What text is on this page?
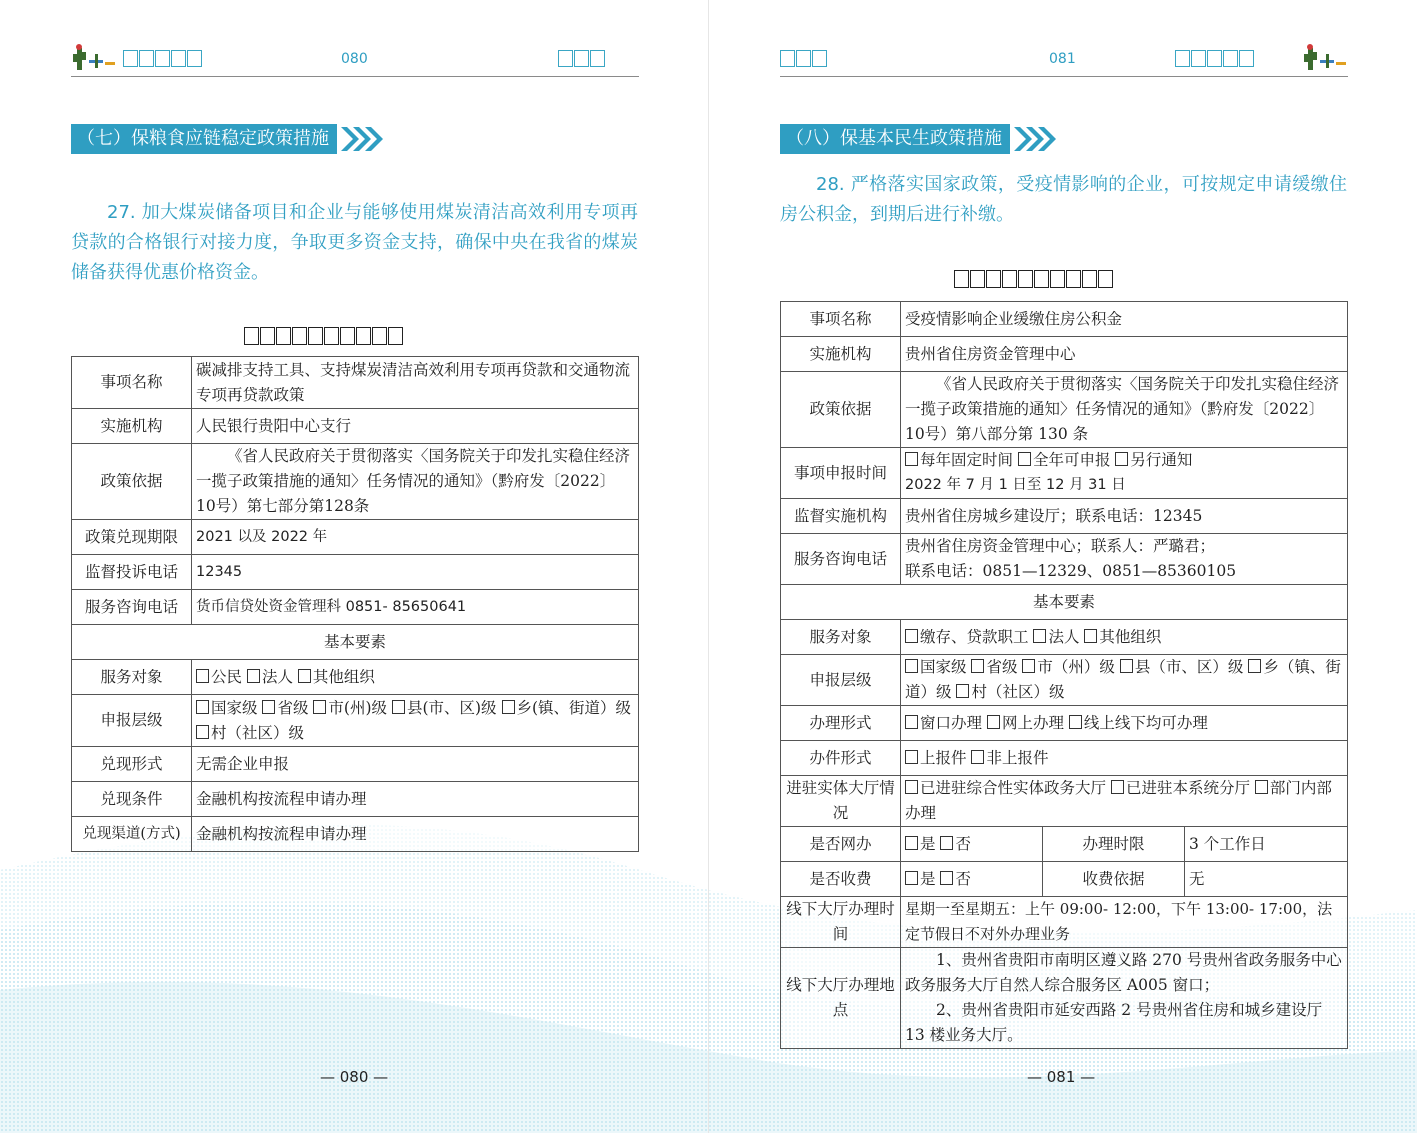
080
（七）保粮食应链稳定政策措施
27. 加大煤炭储备项目和企业与能够使用煤炭清洁高效利用专项再贷款的合格银行对接力度，争取更多资金支持，确保中央在我省的煤炭储备获得优惠价格资金。
事项名称	碳减排支持工具、支持煤炭清洁高效利用专项再贷款和交通物流专项再贷款政策
实施机构	人民银行贵阳中心支行
政策依据	《省人民政府关于贯彻落实〈国务院关于印发扎实稳住经济一揽子政策措施的通知〉任务情况的通知》（黔府发〔2022〕10号）第七部分第128条
政策兑现期限	2021 以及 2022 年
监督投诉电话	12345
服务咨询电话	货币信贷处资金管理科 0851- 85650641
基本要素	
服务对象	公民 法人 其他组织
申报层级	国家级 省级 市(州)级 县(市、区)级 乡(镇、街道）级 村（社区）级
兑现形式	无需企业申报
兑现条件	金融机构按流程申请办理
兑现渠道(方式)	金融机构按流程申请办理
— 080 —
081
（八）保基本民生政策措施
28. 严格落实国家政策，受疫情影响的企业，可按规定申请缓缴住房公积金，到期后进行补缴。
事项名称	受疫情影响企业缓缴住房公积金		
实施机构	贵州省住房资金管理中心		
政策依据	《省人民政府关于贯彻落实〈国务院关于印发扎实稳住经济一揽子政策措施的通知〉任务情况的通知》（黔府发〔2022〕10号）第八部分第 130 条		
事项申报时间	每年固定时间 全年可申报 另行通知
2022 年 7 月 1 日至 12 月 31 日		

监督实施机构	贵州省住房城乡建设厅；联系电话：12345		
服务咨询电话	贵州省住房资金管理中心；联系人：严璐君；
联系电话：0851—12329、0851—85360105		

基本要素			
服务对象	缴存、贷款职工 法人 其他组织		
申报层级	国家级 省级 市（州）级 县（市、区）级 乡（镇、街道）级 村（社区）级		
办理形式	窗口办理 网上办理 线上线下均可办理		
办件形式	上报件 非上报件		
进驻实体大厅情况	已进驻综合性实体政务大厅 已进驻本系统分厅 部门内部办理		
是否网办	是 否	办理时限	3 个工作日
是否收费	是 否	收费依据	无
线下大厅办理时间	星期一至星期五：上午 09:00- 12:00，下午 13:00- 17:00，法定节假日不对外办理业务		
线下大厅办理地点	1、贵州省贵阳市南明区遵义路 270 号贵州省政务服务中心政务服务大厅自然人综合服务区 A005 窗口；
2、贵州省贵阳市延安西路 2 号贵州省住房和城乡建设厅 13 楼业务大厅。		
— 081 —
